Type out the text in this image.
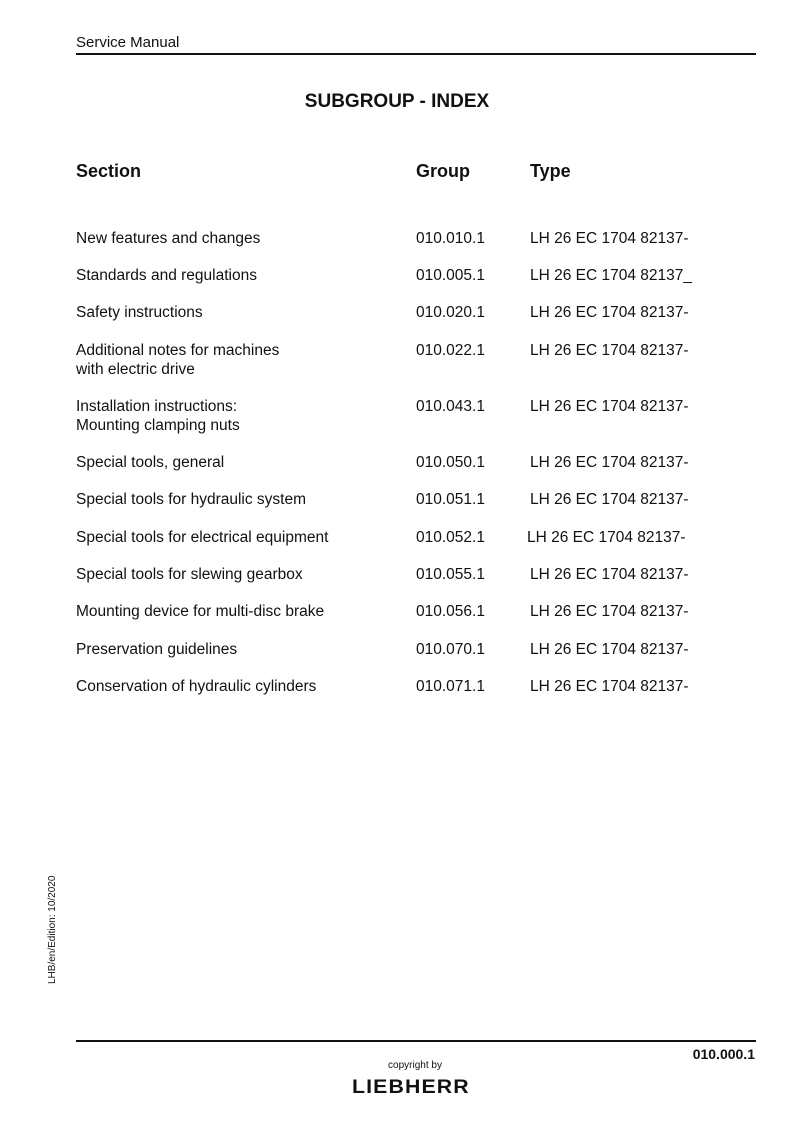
Service Manual
SUBGROUP - INDEX
Section	Group	Type
New features and changes	010.010.1	LH 26 EC 1704 82137-
Standards and regulations	010.005.1	LH 26 EC 1704 82137_
Safety instructions	010.020.1	LH 26 EC 1704 82137-
Additional notes for machines
with electric drive
010.022.1	LH 26 EC 1704 82137-
Installation instructions:
Mounting clamping nuts
010.043.1	LH 26 EC 1704 82137-
Special tools, general	010.050.1	LH 26 EC 1704 82137-
Special tools for hydraulic system	010.051.1	LH 26 EC 1704 82137-
Special tools for electrical equipment	010.052.1	LH 26 EC 1704 82137-
Special tools for slewing gearbox	010.055.1	LH 26 EC 1704 82137-
Mounting device for multi-disc brake	010.056.1	LH 26 EC 1704 82137-
Preservation guidelines	010.070.1	LH 26 EC 1704 82137-
Conservation of hydraulic cylinders	010.071.1	LH 26 EC 1704 82137-
LHB/en/Edition: 10/2020
010.000.1
copyright by
LIEBHERR
